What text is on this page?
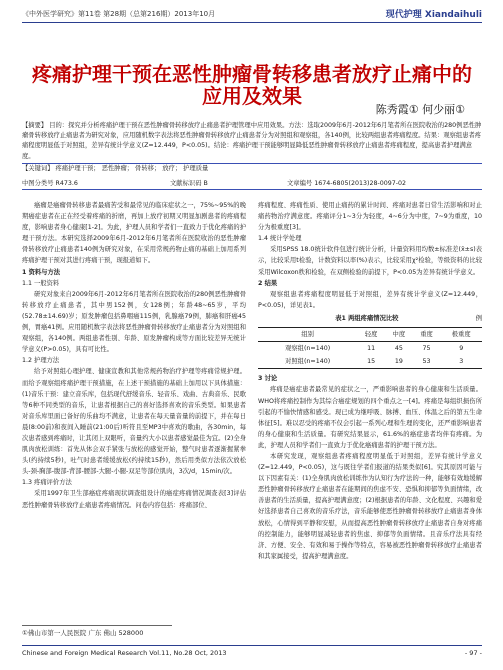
《中外医学研究》第11卷 第28期（总第216期）2013年10月	现代护理 Xiandaihuli
疼痛护理干预在恶性肿瘤骨转移患者放疗止痛中的
应用及效果
陈秀霞① 何少丽①
【摘要】 目的：探究并分析疼痛护理干预在恶性肿瘤骨转移放疗止痛患者护理管理中应用效果。方法：选取2009年6月-2012年6月笔者所在医院收治的280例恶性肿瘤骨转移放疗止痛患者为研究对象，应用随机数字表法将恶性肿瘤骨转移放疗止痛患者分为对照组和观察组，各140例，比较两组患者疼痛程度。结果：观察组患者疼痛程度明显低于对照组，差异有统计学意义(Z=12.449，P<0.05)。结论：疼痛护理干预能够明显降低恶性肿瘤骨转移放疗止痛患者疼痛程度，提高患者护理满意度。
【关键词】 疼痛护理干预； 恶性肿瘤； 骨转移； 放疗； 护理质量
中图分类号 R473.6	文献标识码 B	文章编号 1674-6805(2013)28-0097-02

癌瘤是癌瘤骨转移患者最痛苦受和最常见的临床症状之一，75%~95%的晚期癌症患者在正在经受着疼痛的折磨，再加上放疗初期又明显加剧患者的疼痛程度，影响患者身心健康[1-2]。为此，护理人员和学者们一直致力于优化疼痛的护理干预方法。本研究选择2009年6月-2012年6月笔者所在医院收治的恶性肿瘤骨转移放疗止痛患者140例为研究对象，在采用常规药物止痛的基础上加用系列疼痛护理干预对其进行疼痛干预，现报道如下。

1 资料与方法

1.1 一般资料

研究对象来自2009年6月-2012年6月笔者所在医院收治的280例恶性肿瘤骨转移放疗止痛患者，其中男152例，女128例；年龄48~65岁，平均(52.78±14.69)岁；原发肿瘤包括鼻咽癌115例，乳腺癌79例，肺癌和肝癌45例，胃癌41例。应用随机数字表法将恶性肿瘤骨转移放疗止痛患者分为对照组和观察组，各140例。两组患者性别、年龄、原发肿瘤构成等方面比较差异无统计学意义(P>0.05)，具有可比性。

1.2 护理方法

给予对照组心理护理、健康宣教和其他常规药物治疗护理等疼痛常规护理。而给予观察组疼痛护理干预措施，在上述干预措施的基础上加用以下具体措施：(1)音乐干预：建立音乐库，包括现代舒缓音乐、轻音乐、戏曲、古典音乐、民歌等6种不同类型的音乐，让患者根据自己的喜好选择喜欢的音乐类型。如果患者对音乐库里面已备好的乐曲均不满意，让患者在每天量音量的前提下，并在每日晨(8:00前)和夜间入睡前(21:00后)听符且至MP3中喜欢的歌曲，各30min，每次患者感到疼痛时，让其闭上双眼听，音量约大小以患者感觉最佳为宜。(2)全身肌肉放松训练：首先从体会双手紧张与放松的感觉开始，整气时患者逐渐握紧拳头(约持续5秒)，吐气时患者缓缓放松(约持续15秒)，然后用类似方法依次放松头-颈-胸部-腹部-背部-腰部-大腿-小腿-双足等部位肌肉，3次/d，15min/次。

1.3 疼痛评价方法

采用1997年卫生部癌症疼痛现状调查组设计的癌症疼痛情况调查表[3]评估恶性肿瘤骨转移放疗止痛患者疼痛情况。问卷内容包括：疼痛部位、

疼痛程度、疼痛性质、使用止痛药的累计时间、疼痛对患者日常生活影响和对止痛药物治疗满意度。疼痛评分1~3分为轻度，4~6分为中度，7~9为重度，10分为极重度[3]。

1.4 统计学处理

采用SPSS 18.0统计软件包进行统计分析，计量资料用均数±标准差(x̄±s)表示，比较采用t检验，计数资料以率(%)表示，比较采用χ²检验，等级资料的比较采用Wilcoxon秩和检验，在双侧检验的前提下，P<0.05为差异有统计学意义。

2 结果

观察组患者疼痛程度明显低于对照组，差异有统计学意义(Z=12.449，P<0.05)，详见表1。

表1 两组疼痛情况比较	例
组别	轻度	中度	重度	极重度
观察组(n=140)	11	45	75	9
对照组(n=140)	15	19	53	3

3 讨论

疼痛是癌症患者最常见的症状之一，严重影响患者的身心健康和生活质量。WHO将疼痛控制作为其综合癌症规划的四个重点之一[4]。疼痛是每组织损伤所引起的不愉快情感和感受。现已成为继呼吸、脉搏、血压、体温之后的第五生命体征[5]。难以忍受的疼痛不仅会引起一系列心理和生理的变化，还严重影响患者的身心健康和生活质量。有研究结果显示，61.6%的癌症患者均伴有疼痛。为此，护理人员和学者们一直致力于优化癌痛患者的护理干预方法。

本研究发现，观察组患者疼痛程度明显低于对照组，差异有统计学意义(Z=12.449，P<0.05)，这与既往学者们报道的结果类似[6]。究其原因可能与以下因素有关：(1)全身肌肉放松训练作为认知行为疗法的一种，能够有效地缓解恶性肿瘤骨转移放疗止痛患者在能期间的焦虑不安、恐惧和抑郁等负面情绪，改善患者的生活质量，提高护理满意度；(2)根据患者的年龄、文化程度、兴趣和爱好选择患者自己喜欢的音乐疗法，音乐能够使恶性肿瘤骨转移放疗止痛患者身体放松，心情得到平静和安慰，从而提高恶性肿瘤骨转移放疗止痛患者自身对疼痛的控制能力，能够明显减轻患者的焦虑、抑郁等负面情绪。且音乐疗法具有经济、方便、安全、有效和易于操作等特点，容易被恶性肿瘤骨转移放疗止痛患者和其家属接受，提高护理满意度。

①佛山市第一人民医院 广东 佛山 528000
Chinese and Foreign Medical Research Vol.11, No.28 Oct, 2013	- 97 -
